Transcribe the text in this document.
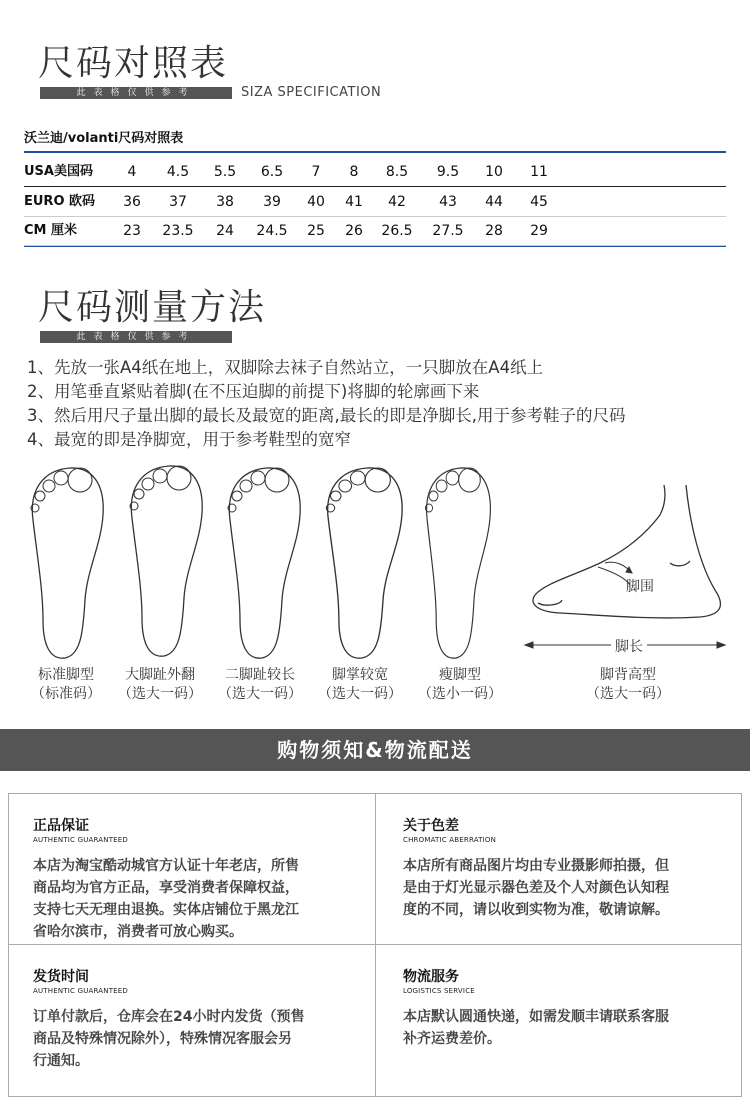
尺码对照表
此表格仅供参考	SIZA SPECIFICATION
沃兰迪/volanti尺码对照表
USA美国码 4 4.5 5.5 6.5 7 8 8.5 9.5 10 11
EURO 欧码 36 37 38 39 40 41 42 43 44 45
CM 厘米	23 23.5 24 24.5 25 26 26.5 27.5 28 29
尺码测量方法
此表格仅供参考
1、先放一张A4纸在地上，双脚除去袜子自然站立，一只脚放在A4纸上
2、用笔垂直紧贴着脚(在不压迫脚的前提下)将脚的轮廓画下来
3、然后用尺子量出脚的最长及最宽的距离,最长的即是净脚长,用于参考鞋子的尺码
4、最宽的即是净脚宽，用于参考鞋型的宽窄
脚围
脚长
标准脚型
（标准码）
大脚趾外翻
（选大一码）
二脚趾较长
（选大一码）
脚掌较宽
（选大一码）
瘦脚型
（选小一码）
脚背高型
（选大一码）
购物须知&物流配送
正品保证
AUTHENTIC GUARANTEED
本店为淘宝酷动城官方认证十年老店，所售
商品均为官方正品，享受消费者保障权益，
支持七天无理由退换。实体店铺位于黑龙江
省哈尔滨市，消费者可放心购买。
关于色差
CHROMATIC ABERRATION
本店所有商品图片均由专业摄影师拍摄，但
是由于灯光显示器色差及个人对颜色认知程
度的不同，请以收到实物为准，敬请谅解。
发货时间
AUTHENTIC GUARANTEED
订单付款后，仓库会在24小时内发货（预售
商品及特殊情况除外），特殊情况客服会另
行通知。
物流服务
LOGISTICS SERVICE
本店默认圆通快递，如需发顺丰请联系客服
补齐运费差价。
